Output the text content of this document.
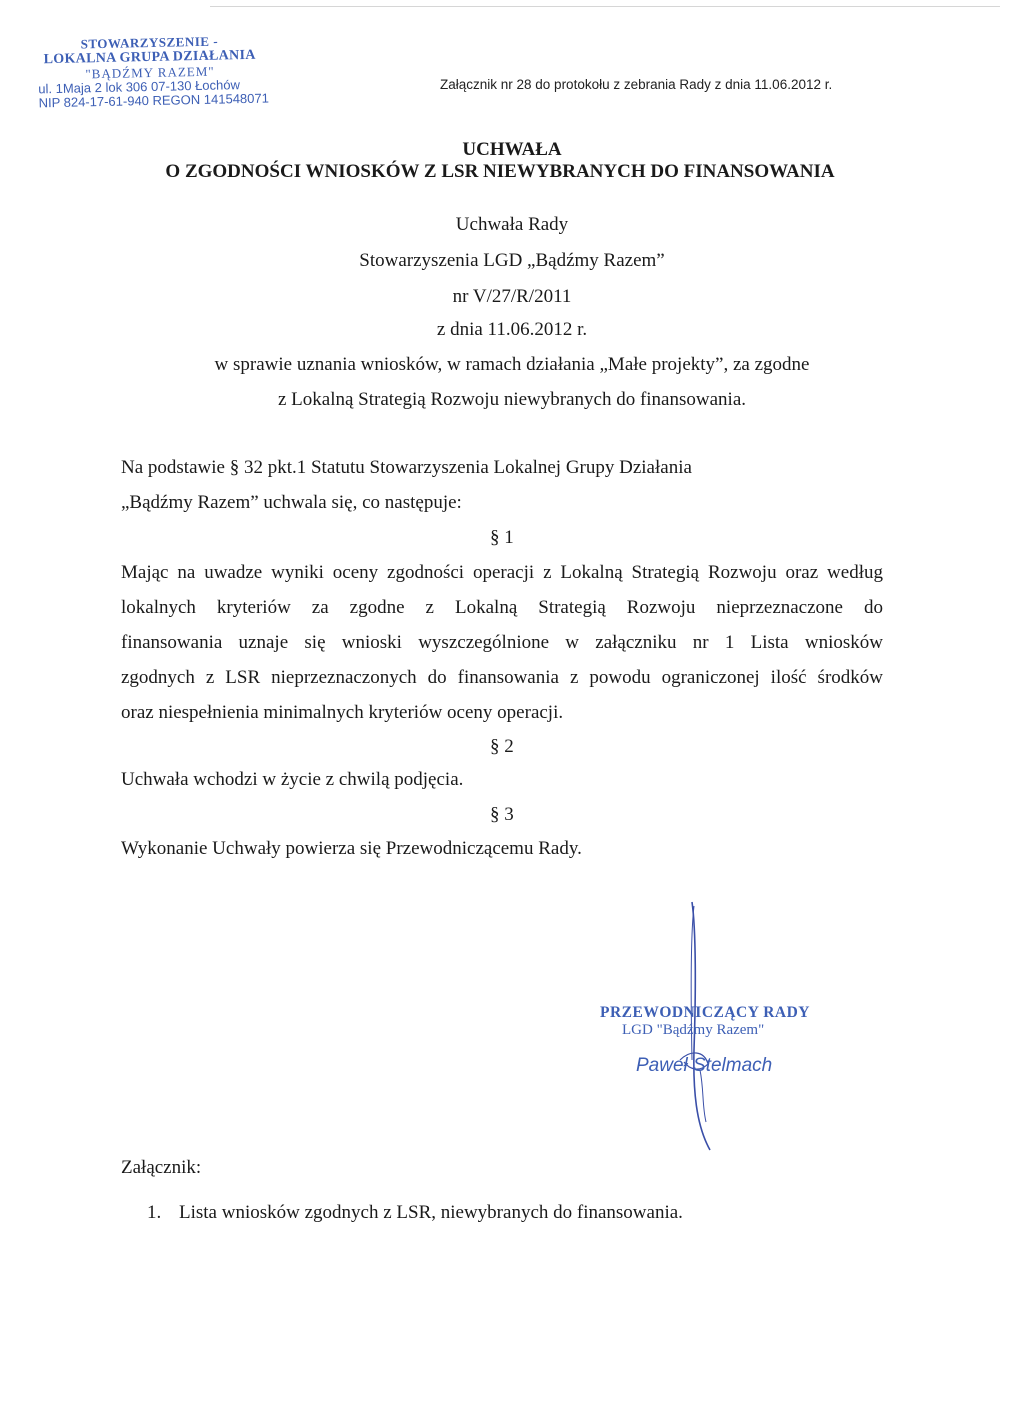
STOWARZYSZENIE -
LOKALNA GRUPA DZIAŁANIA
"BĄDŹMY RAZEM"
ul. 1Maja 2 lok 306 07-130 Łochów
NIP 824-17-61-940 REGON 141548071
Załącznik nr 28 do protokołu z zebrania Rady z dnia 11.06.2012 r.
UCHWAŁA
O ZGODNOŚCI WNIOSKÓW Z LSR NIEWYBRANYCH DO FINANSOWANIA
Uchwała Rady
Stowarzyszenia LGD „Bądźmy Razem”
nr V/27/R/2011
z dnia 11.06.2012 r.
w sprawie uznania wniosków, w ramach działania „Małe projekty”, za zgodne
z Lokalną Strategią Rozwoju niewybranych do finansowania.
Na podstawie § 32 pkt.1 Statutu Stowarzyszenia Lokalnej Grupy Działania
„Bądźmy Razem” uchwala się, co następuje:
§ 1
Mając na uwadze wyniki oceny zgodności operacji z Lokalną Strategią Rozwoju oraz według
lokalnych kryteriów za zgodne z Lokalną Strategią Rozwoju nieprzeznaczone do
finansowania uznaje się wnioski wyszczególnione w załączniku nr 1 Lista wniosków
zgodnych z LSR nieprzeznaczonych do finansowania z powodu ograniczonej ilość środków
oraz niespełnienia minimalnych kryteriów oceny operacji.
§ 2
Uchwała wchodzi w życie z chwilą podjęcia.
§ 3
Wykonanie Uchwały powierza się Przewodniczącemu Rady.
PRZEWODNICZĄCY RADY
LGD "Bądźmy Razem"
Paweł Stelmach
Załącznik:
1. Lista wniosków zgodnych z LSR, niewybranych do finansowania.
